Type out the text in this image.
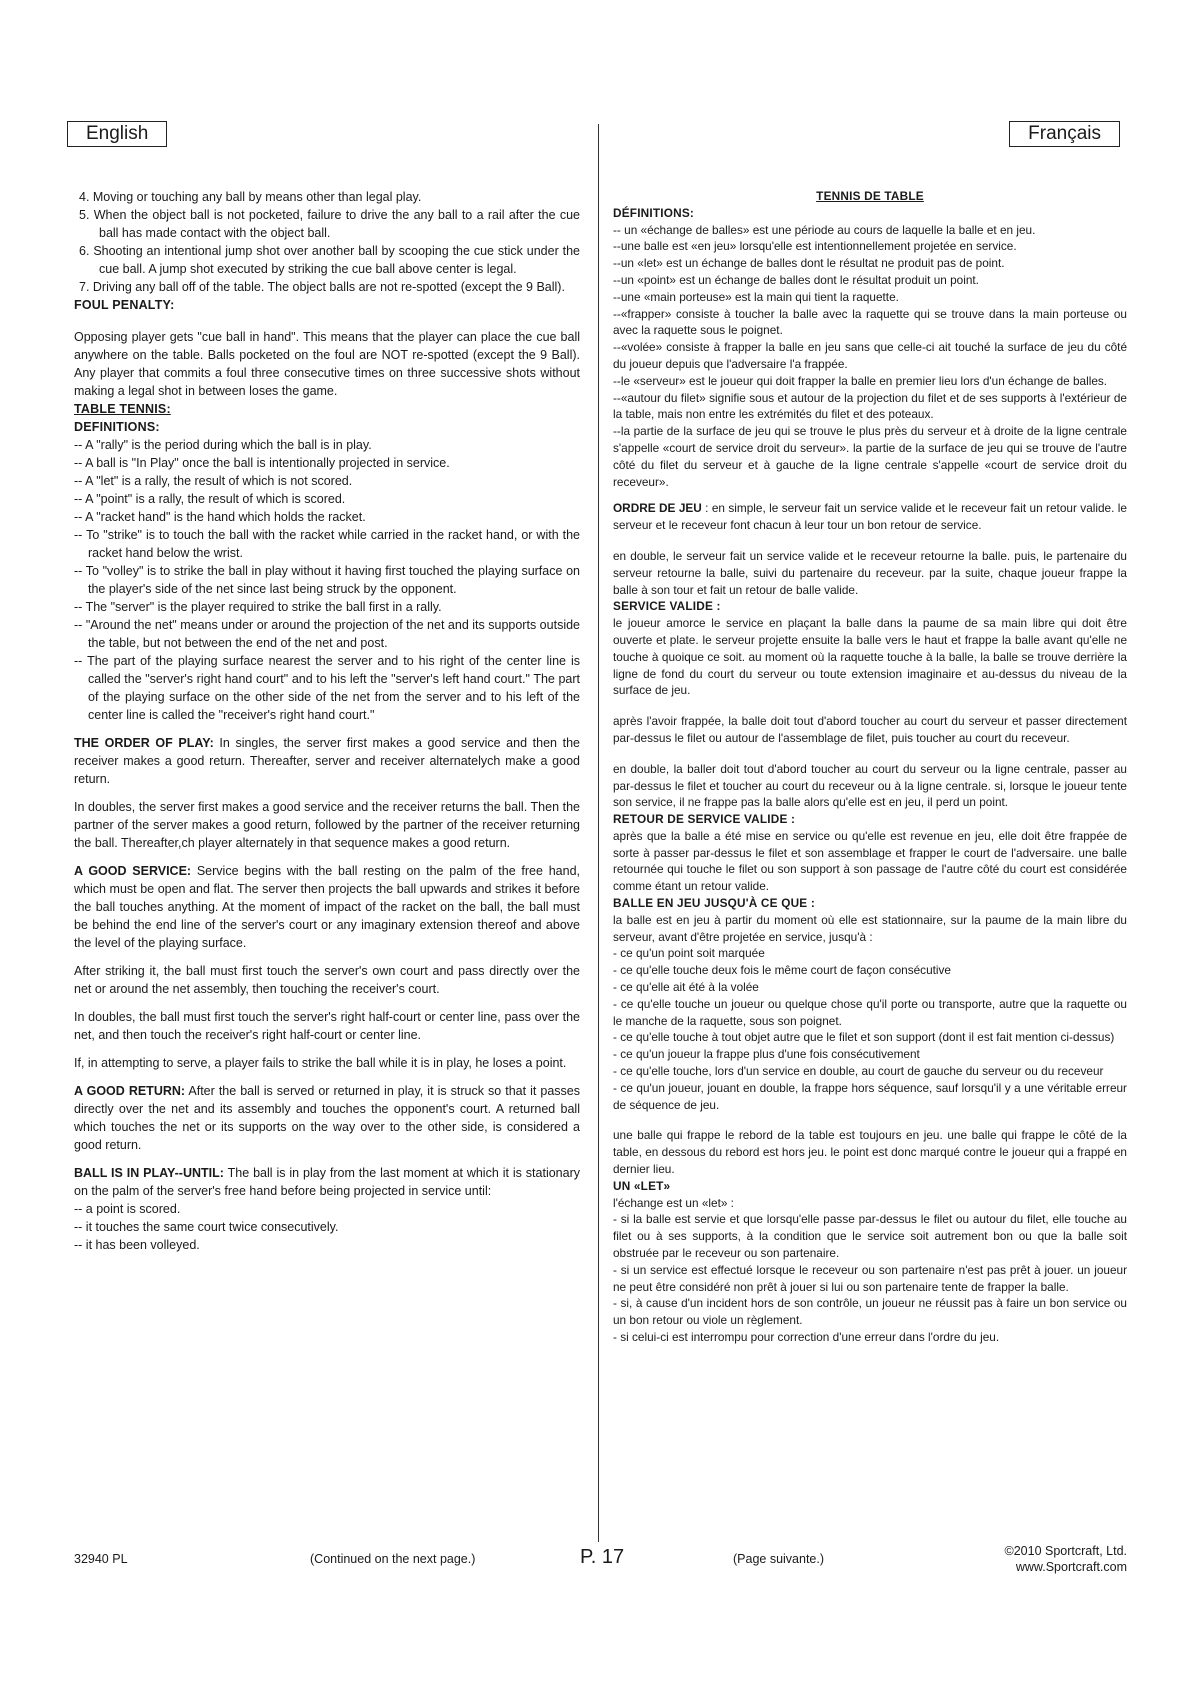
English	Français

4. Moving or touching any ball by means other than legal play.

5. When the object ball is not pocketed, failure to drive the any ball to a rail after the cue ball has made contact with the object ball.

6. Shooting an intentional jump shot over another ball by scooping the cue stick under the cue ball. A jump shot executed by striking the cue ball above center is legal.

7. Driving any ball off of the table. The object balls are not re-spotted (except the 9 Ball).

FOUL PENALTY:

Opposing player gets "cue ball in hand". This means that the player can place the cue ball anywhere on the table. Balls pocketed on the foul are NOT re-spotted (except the 9 Ball). Any player that commits a foul three consecutive times on three successive shots without making a legal shot in between loses the game.

TABLE TENNIS:

DEFINITIONS:

-- A "rally" is the period during which the ball is in play.

-- A ball is "In Play" once the ball is intentionally projected in service.

-- A "let" is a rally, the result of which is not scored.

-- A "point" is a rally, the result of which is scored.

-- A "racket hand" is the hand which holds the racket.

-- To "strike" is to touch the ball with the racket while carried in the racket hand, or with the racket hand below the wrist.

-- To "volley" is to strike the ball in play without it having first touched the playing surface on the player's side of the net since last being struck by the opponent.

-- The "server" is the player required to strike the ball first in a rally.

-- "Around the net" means under or around the projection of the net and its supports outside the table, but not between the end of the net and post.

-- The part of the playing surface nearest the server and to his right of the center line is called the "server's right hand court" and to his left the "server's left hand court." The part of the playing surface on the other side of the net from the server and to his left of the center line is called the "receiver's right hand court."

THE ORDER OF PLAY: In singles, the server first makes a good service and then the receiver makes a good return. Thereafter, server and receiver alternatelych make a good return.

In doubles, the server first makes a good service and the receiver returns the ball. Then the partner of the server makes a good return, followed by the partner of the receiver returning the ball. Thereafter,ch player alternately in that sequence makes a good return.

A GOOD SERVICE: Service begins with the ball resting on the palm of the free hand, which must be open and flat. The server then projects the ball upwards and strikes it before the ball touches anything. At the moment of impact of the racket on the ball, the ball must be behind the end line of the server's court or any imaginary extension thereof and above the level of the playing surface.

After striking it, the ball must first touch the server's own court and pass directly over the net or around the net assembly, then touching the receiver's court.

In doubles, the ball must first touch the server's right half-court or center line, pass over the net, and then touch the receiver's right half-court or center line.

If, in attempting to serve, a player fails to strike the ball while it is in play, he loses a point.

A GOOD RETURN: After the ball is served or returned in play, it is struck so that it passes directly over the net and its assembly and touches the opponent's court. A returned ball which touches the net or its supports on the way over to the other side, is considered a good return.

BALL IS IN PLAY--UNTIL: The ball is in play from the last moment at which it is stationary on the palm of the server's free hand before being projected in service until:

-- a point is scored.

-- it touches the same court twice consecutively.

-- it has been volleyed.

TENNIS DE TABLE

DÉFINITIONS:

-- un «échange de balles» est une période au cours de laquelle la balle et en jeu.

--une balle est «en jeu» lorsqu'elle est intentionnellement projetée en service.

--un «let» est un échange de balles dont le résultat ne produit pas de point.

--un «point» est un échange de balles dont le résultat produit un point.

--une «main porteuse» est la main qui tient la raquette.

--«frapper» consiste à toucher la balle avec la raquette qui se trouve dans la main porteuse ou avec la raquette sous le poignet.

--«volée» consiste à frapper la balle en jeu sans que celle-ci ait touché la surface de jeu du côté du joueur depuis que l'adversaire l'a frappée.

--le «serveur» est le joueur qui doit frapper la balle en premier lieu lors d'un échange de balles.

--«autour du filet» signifie sous et autour de la projection du filet et de ses supports à l'extérieur de la table, mais non entre les extrémités du filet et des poteaux.

--la partie de la surface de jeu qui se trouve le plus près du serveur et à droite de la ligne centrale s'appelle «court de service droit du serveur». la partie de la surface de jeu qui se trouve de l'autre côté du filet du serveur et à gauche de la ligne centrale s'appelle «court de service droit du receveur».

ORDRE DE JEU : en simple, le serveur fait un service valide et le receveur fait un retour valide. le serveur et le receveur font chacun à leur tour un bon retour de service.

en double, le serveur fait un service valide et le receveur retourne la balle. puis, le partenaire du serveur retourne la balle, suivi du partenaire du receveur. par la suite, chaque joueur frappe la balle à son tour et fait un retour de balle valide.

SERVICE VALIDE :

le joueur amorce le service en plaçant la balle dans la paume de sa main libre qui doit être ouverte et plate. le serveur projette ensuite la balle vers le haut et frappe la balle avant qu'elle ne touche à quoique ce soit. au moment où la raquette touche à la balle, la balle se trouve derrière la ligne de fond du court du serveur ou toute extension imaginaire et au-dessus du niveau de la surface de jeu.

après l'avoir frappée, la balle doit tout d'abord toucher au court du serveur et passer directement par-dessus le filet ou autour de l'assemblage de filet, puis toucher au court du receveur.

en double, la baller doit tout d'abord toucher au court du serveur ou la ligne centrale, passer au par-dessus le filet et toucher au court du receveur ou à la ligne centrale. si, lorsque le joueur tente son service, il ne frappe pas la balle alors qu'elle est en jeu, il perd un point.

RETOUR DE SERVICE VALIDE :

après que la balle a été mise en service ou qu'elle est revenue en jeu, elle doit être frappée de sorte à passer par-dessus le filet et son assemblage et frapper le court de l'adversaire. une balle retournée qui touche le filet ou son support à son passage de l'autre côté du court est considérée comme étant un retour valide.

BALLE EN JEU JUSQU'À CE QUE :

la balle est en jeu à partir du moment où elle est stationnaire, sur la paume de la main libre du serveur, avant d'être projetée en service, jusqu'à :

- ce qu'un point soit marquée

- ce qu'elle touche deux fois le même court de façon consécutive

- ce qu'elle ait été à la volée

- ce qu'elle touche un joueur ou quelque chose qu'il porte ou transporte, autre que la raquette ou le manche de la raquette, sous son poignet.

- ce qu'elle touche à tout objet autre que le filet et son support (dont il est fait mention ci-dessus)

- ce qu'un joueur la frappe plus d'une fois consécutivement

- ce qu'elle touche, lors d'un service en double, au court de gauche du serveur ou du receveur

- ce qu'un joueur, jouant en double, la frappe hors séquence, sauf lorsqu'il y a une véritable erreur de séquence de jeu.

une balle qui frappe le rebord de la table est toujours en jeu. une balle qui frappe le côté de la table, en dessous du rebord est hors jeu. le point est donc marqué contre le joueur qui a frappé en dernier lieu.

UN «LET»

l'échange est un «let» :

- si la balle est servie et que lorsqu'elle passe par-dessus le filet ou autour du filet, elle touche au filet ou à ses supports, à la condition que le service soit autrement bon ou que la balle soit obstruée par le receveur ou son partenaire.

- si un service est effectué lorsque le receveur ou son partenaire n'est pas prêt à jouer. un joueur ne peut être considéré non prêt à jouer si lui ou son partenaire tente de frapper la balle.

- si, à cause d'un incident hors de son contrôle, un joueur ne réussit pas à faire un bon service ou un bon retour ou viole un règlement.

- si celui-ci est interrompu pour correction d'une erreur dans l'ordre du jeu.

32940 PL	(Continued on the next page.)	P. 17	(Page suivante.)
©2010 Sportcraft, Ltd.
www.Sportcraft.com
